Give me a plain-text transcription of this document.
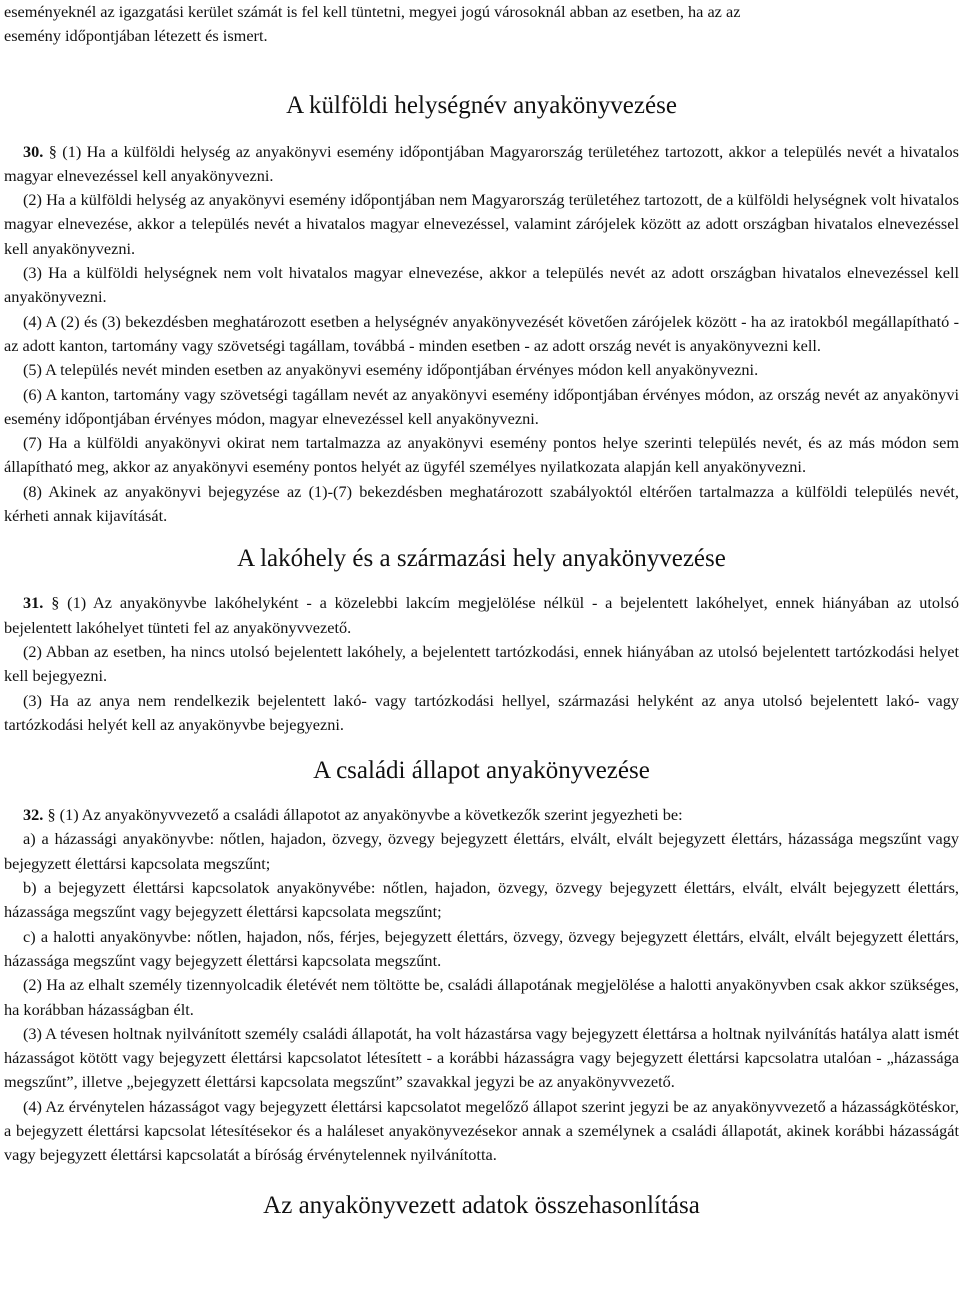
eseményeknél az igazgatási kerület számát is fel kell tüntetni, megyei jogú városoknál abban az esetben, ha az az
esemény időpontjában létezett és ismert.

A külföldi helységnév anyakönyvezése

30. § (1) Ha a külföldi helység az anyakönyvi esemény időpontjában Magyarország területéhez tartozott, akkor a település nevét a hivatalos magyar elnevezéssel kell anyakönyvezni.

(2) Ha a külföldi helység az anyakönyvi esemény időpontjában nem Magyarország területéhez tartozott, de a külföldi helységnek volt hivatalos magyar elnevezése, akkor a település nevét a hivatalos magyar elnevezéssel, valamint zárójelek között az adott országban hivatalos elnevezéssel kell anyakönyvezni.

(3) Ha a külföldi helységnek nem volt hivatalos magyar elnevezése, akkor a település nevét az adott országban hivatalos elnevezéssel kell anyakönyvezni.

(4) A (2) és (3) bekezdésben meghatározott esetben a helységnév anyakönyvezését követően zárójelek között - ha az iratokból megállapítható - az adott kanton, tartomány vagy szövetségi tagállam, továbbá - minden esetben - az adott ország nevét is anyakönyvezni kell.

(5) A település nevét minden esetben az anyakönyvi esemény időpontjában érvényes módon kell anyakönyvezni.

(6) A kanton, tartomány vagy szövetségi tagállam nevét az anyakönyvi esemény időpontjában érvényes módon, az ország nevét az anyakönyvi esemény időpontjában érvényes módon, magyar elnevezéssel kell anyakönyvezni.

(7) Ha a külföldi anyakönyvi okirat nem tartalmazza az anyakönyvi esemény pontos helye szerinti település nevét, és az más módon sem állapítható meg, akkor az anyakönyvi esemény pontos helyét az ügyfél személyes nyilatkozata alapján kell anyakönyvezni.

(8) Akinek az anyakönyvi bejegyzése az (1)-(7) bekezdésben meghatározott szabályoktól eltérően tartalmazza a külföldi település nevét, kérheti annak kijavítását.

A lakóhely és a származási hely anyakönyvezése

31. § (1) Az anyakönyvbe lakóhelyként - a közelebbi lakcím megjelölése nélkül - a bejelentett lakóhelyet, ennek hiányában az utolsó bejelentett lakóhelyet tünteti fel az anyakönyvvezető.

(2) Abban az esetben, ha nincs utolsó bejelentett lakóhely, a bejelentett tartózkodási, ennek hiányában az utolsó bejelentett tartózkodási helyet kell bejegyezni.

(3) Ha az anya nem rendelkezik bejelentett lakó- vagy tartózkodási hellyel, származási helyként az anya utolsó bejelentett lakó- vagy tartózkodási helyét kell az anyakönyvbe bejegyezni.

A családi állapot anyakönyvezése

32. § (1) Az anyakönyvvezető a családi állapotot az anyakönyvbe a következők szerint jegyezheti be:

a) a házassági anyakönyvbe: nőtlen, hajadon, özvegy, özvegy bejegyzett élettárs, elvált, elvált bejegyzett élettárs, házassága megszűnt vagy bejegyzett élettársi kapcsolata megszűnt;

b) a bejegyzett élettársi kapcsolatok anyakönyvébe: nőtlen, hajadon, özvegy, özvegy bejegyzett élettárs, elvált, elvált bejegyzett élettárs, házassága megszűnt vagy bejegyzett élettársi kapcsolata megszűnt;

c) a halotti anyakönyvbe: nőtlen, hajadon, nős, férjes, bejegyzett élettárs, özvegy, özvegy bejegyzett élettárs, elvált, elvált bejegyzett élettárs, házassága megszűnt vagy bejegyzett élettársi kapcsolata megszűnt.

(2) Ha az elhalt személy tizennyolcadik életévét nem töltötte be, családi állapotának megjelölése a halotti anyakönyvben csak akkor szükséges, ha korábban házasságban élt.

(3) A tévesen holtnak nyilvánított személy családi állapotát, ha volt házastársa vagy bejegyzett élettársa a holtnak nyilvánítás hatálya alatt ismét házasságot kötött vagy bejegyzett élettársi kapcsolatot létesített - a korábbi házasságra vagy bejegyzett élettársi kapcsolatra utalóan - „házassága megszűnt”, illetve „bejegyzett élettársi kapcsolata megszűnt” szavakkal jegyzi be az anyakönyvvezető.

(4) Az érvénytelen házasságot vagy bejegyzett élettársi kapcsolatot megelőző állapot szerint jegyzi be az anyakönyvvezető a házasságkötéskor, a bejegyzett élettársi kapcsolat létesítésekor és a haláleset anyakönyvezésekor annak a személynek a családi állapotát, akinek korábbi házasságát vagy bejegyzett élettársi kapcsolatát a bíróság érvénytelennek nyilvánította.

Az anyakönyvezett adatok összehasonlítása
